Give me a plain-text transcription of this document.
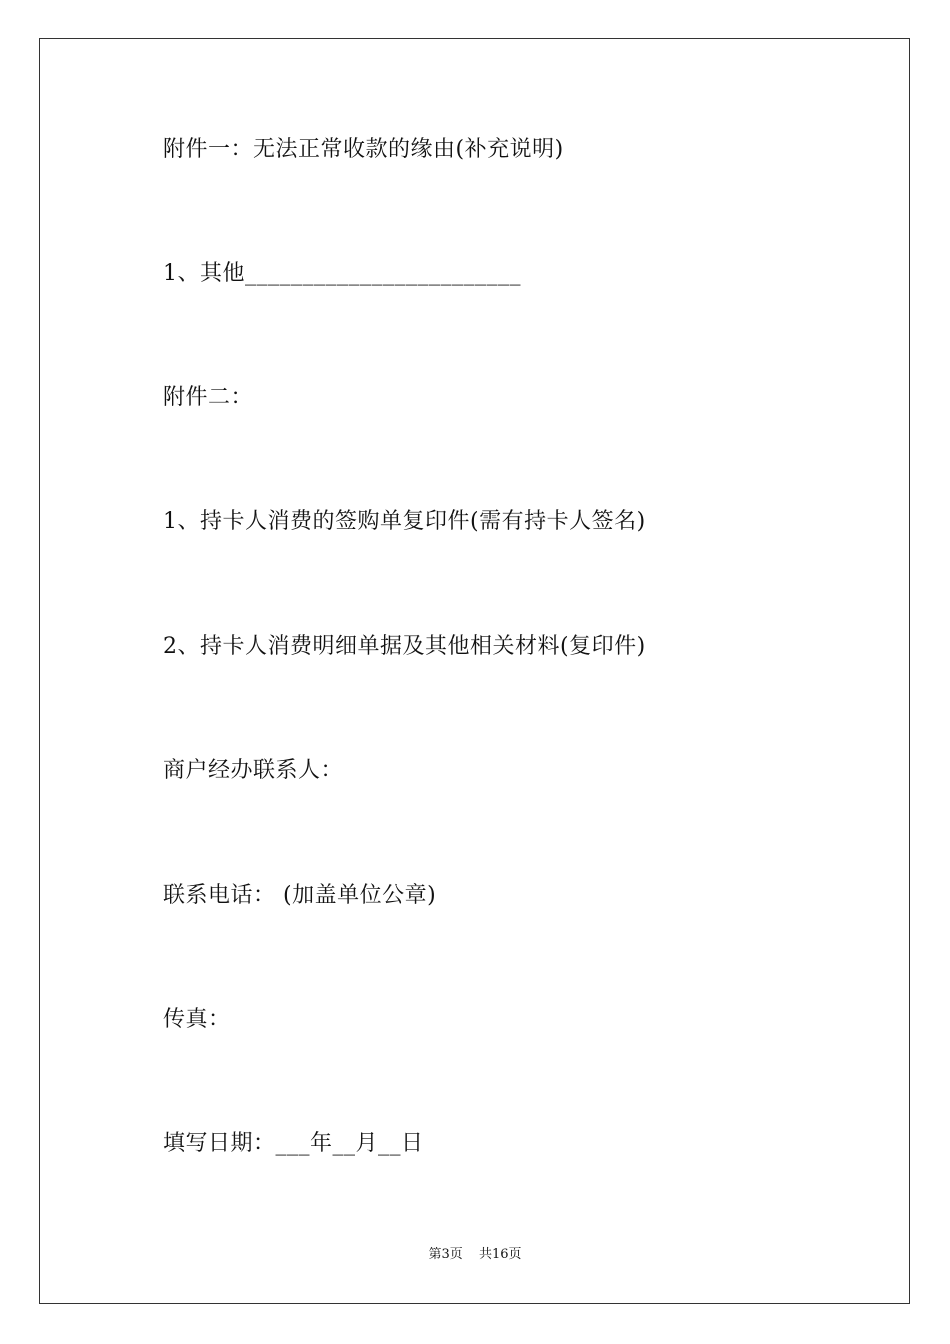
附件一：无法正常收款的缘由(补充说明)
1、其他________________________
附件二：
1、持卡人消费的签购单复印件(需有持卡人签名)
2、持卡人消费明细单据及其他相关材料(复印件)
商户经办联系人：
联系电话： (加盖单位公章)
传真：
填写日期：___年__月__日
第3页 共16页
